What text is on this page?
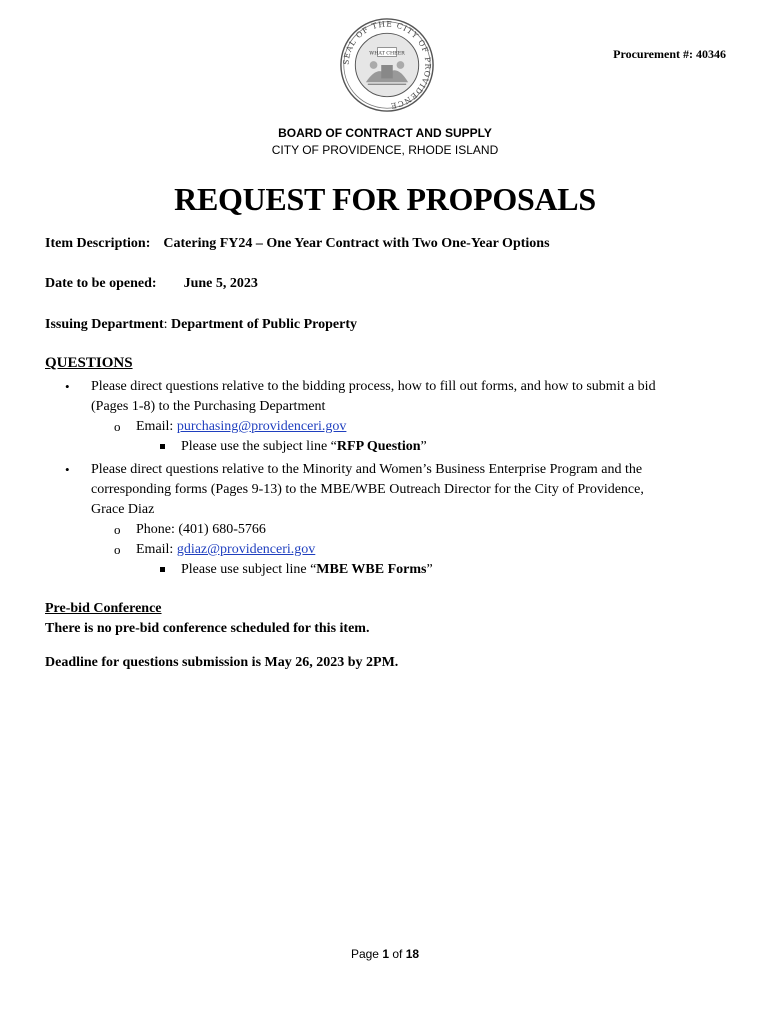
SEAL OF THE CITY OF PROVIDENCE
WHAT CHEER	Procurement #: 40346
BOARD OF CONTRACT AND SUPPLY
CITY OF PROVIDENCE, RHODE ISLAND
REQUEST FOR PROPOSALS
Item Description: Catering FY24 – One Year Contract with Two One-Year Options
Date to be opened: June 5, 2023
Issuing Department: Department of Public Property
QUESTIONS
• Please direct questions relative to the bidding process, how to fill out forms, and how to submit a bid
(Pages 1-8) to the Purchasing Department
o Email: purchasing@providenceri.gov
Please use the subject line “RFP Question”
• Please direct questions relative to the Minority and Women’s Business Enterprise Program and the
corresponding forms (Pages 9-13) to the MBE/WBE Outreach Director for the City of Providence,
Grace Diaz
o Phone: (401) 680-5766
o Email: gdiaz@providenceri.gov
Please use subject line “MBE WBE Forms”
Pre-bid Conference
There is no pre-bid conference scheduled for this item.
Deadline for questions submission is May 26, 2023 by 2PM.
Page 1 of 18
